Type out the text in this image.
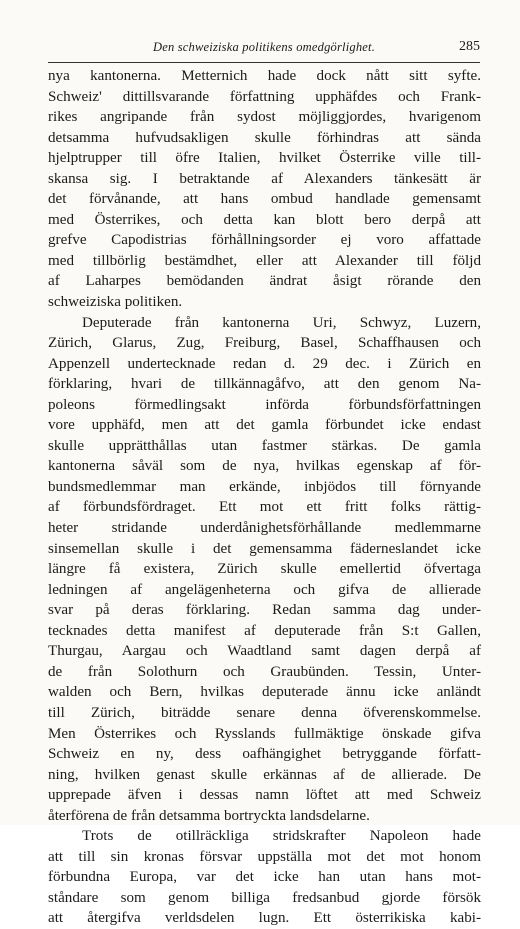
Den schweiziska politikens omedgörlighet.	285
nya kantonerna. Metternich hade dock nått sitt syfte.
Schweiz' dittillsvarande författning upphäfdes och Frank-
rikes angripande från sydost möjliggjordes, hvarigenom
detsamma hufvudsakligen skulle förhindras att sända
hjelptrupper till öfre Italien, hvilket Österrike ville till-
skansa sig. I betraktande af Alexanders tänkesätt är
det förvånande, att hans ombud handlade gemensamt
med Österrikes, och detta kan blott bero derpå att
grefve Capodistrias förhållningsorder ej voro affattade
med tillbörlig bestämdhet, eller att Alexander till följd
af Laharpes bemödanden ändrat åsigt rörande den
schweiziska politiken.
Deputerade från kantonerna Uri, Schwyz, Luzern,
Zürich, Glarus, Zug, Freiburg, Basel, Schaffhausen och
Appenzell undertecknade redan d. 29 dec. i Zürich en
förklaring, hvari de tillkännagåfvo, att den genom Na-
poleons förmedlingsakt införda förbundsförfattningen
vore upphäfd, men att det gamla förbundet icke endast
skulle upprätthållas utan fastmer stärkas. De gamla
kantonerna såväl som de nya, hvilkas egenskap af för-
bundsmedlemmar man erkände, inbjödos till förnyande
af förbundsfördraget. Ett mot ett fritt folks rättig-
heter stridande underdånighetsförhållande medlemmarne
sinsemellan skulle i det gemensamma fäderneslandet icke
längre få existera, Zürich skulle emellertid öfvertaga
ledningen af angelägenheterna och gifva de allierade
svar på deras förklaring. Redan samma dag under-
tecknades detta manifest af deputerade från S:t Gallen,
Thurgau, Aargau och Waadtland samt dagen derpå af
de från Solothurn och Graubünden. Tessin, Unter-
walden och Bern, hvilkas deputerade ännu icke anländt
till Zürich, biträdde senare denna öfverenskommelse.
Men Österrikes och Rysslands fullmäktige önskade gifva
Schweiz en ny, dess oafhängighet betryggande författ-
ning, hvilken genast skulle erkännas af de allierade. De
upprepade äfven i dessas namn löftet att med Schweiz
återförena de från detsamma bortryckta landsdelarne.
Trots de otillräckliga stridskrafter Napoleon hade
att till sin kronas försvar uppställa mot det mot honom
förbundna Europa, var det icke han utan hans mot-
ståndare som genom billiga fredsanbud gjorde försök
att återgifva verldsdelen lugn. Ett österrikiska kabi-
